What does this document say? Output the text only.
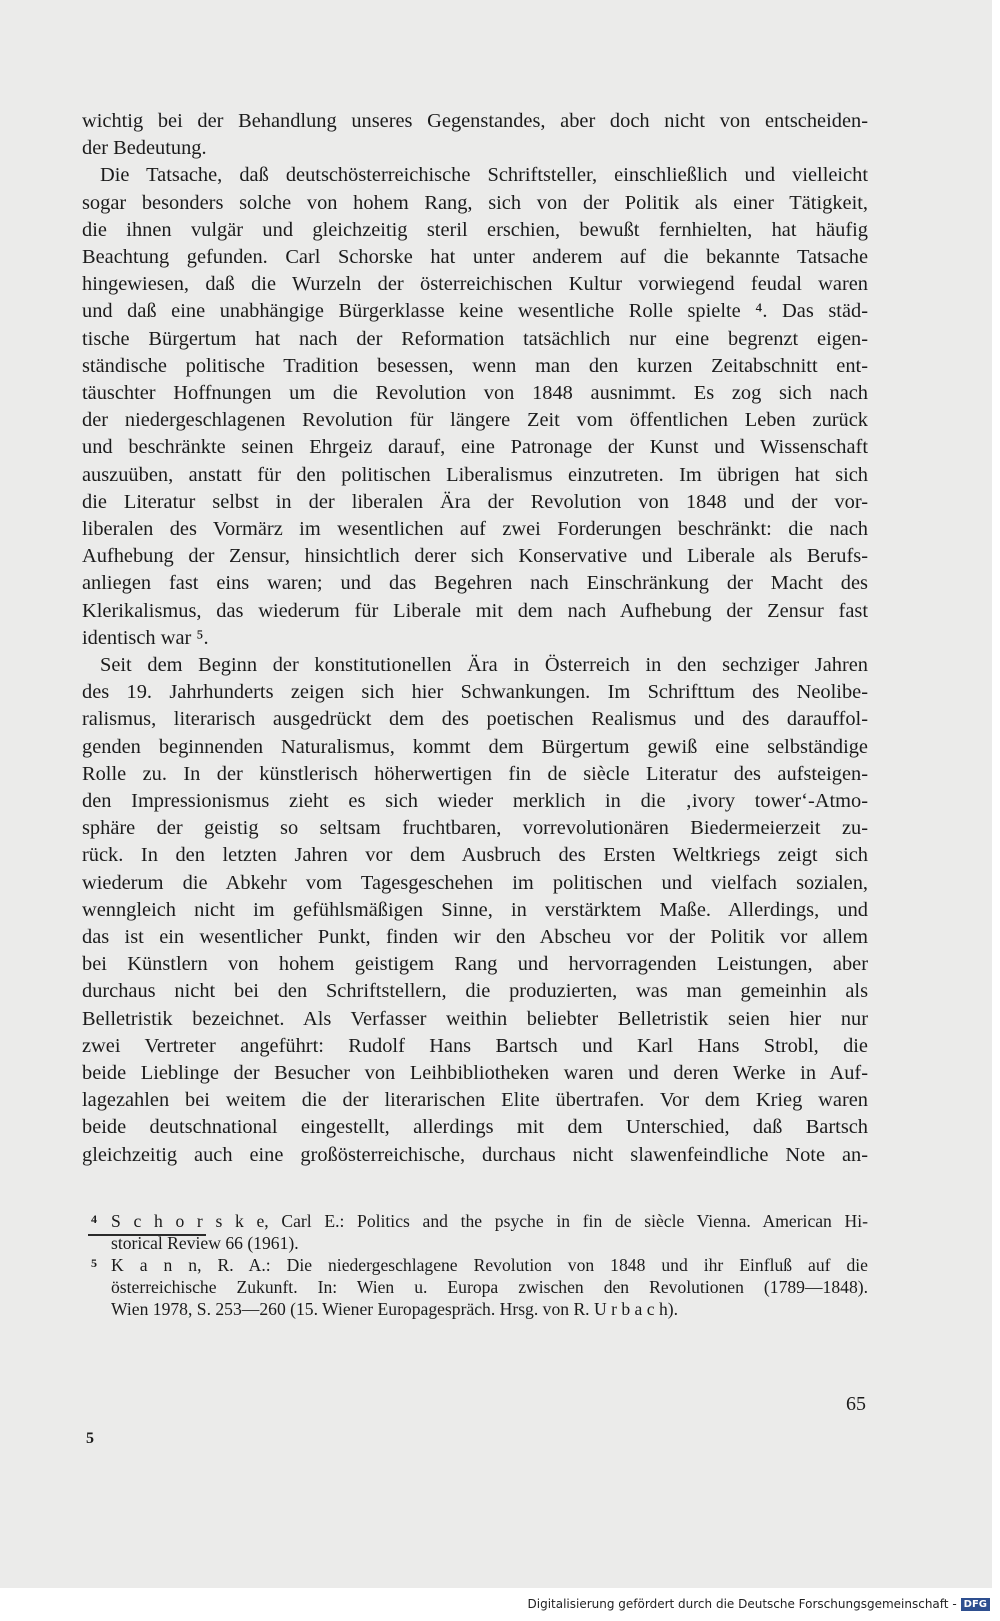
wichtig bei der Behandlung unseres Gegenstandes, aber doch nicht von entscheiden-
der Bedeutung.
Die Tatsache, daß deutschösterreichische Schriftsteller, einschließlich und vielleicht
sogar besonders solche von hohem Rang, sich von der Politik als einer Tätigkeit,
die ihnen vulgär und gleichzeitig steril erschien, bewußt fernhielten, hat häufig
Beachtung gefunden. Carl Schorske hat unter anderem auf die bekannte Tatsache
hingewiesen, daß die Wurzeln der österreichischen Kultur vorwiegend feudal waren
und daß eine unabhängige Bürgerklasse keine wesentliche Rolle spielte ⁴. Das städ-
tische Bürgertum hat nach der Reformation tatsächlich nur eine begrenzt eigen-
ständische politische Tradition besessen, wenn man den kurzen Zeitabschnitt ent-
täuschter Hoffnungen um die Revolution von 1848 ausnimmt. Es zog sich nach
der niedergeschlagenen Revolution für längere Zeit vom öffentlichen Leben zurück
und beschränkte seinen Ehrgeiz darauf, eine Patronage der Kunst und Wissenschaft
auszuüben, anstatt für den politischen Liberalismus einzutreten. Im übrigen hat sich
die Literatur selbst in der liberalen Ära der Revolution von 1848 und der vor-
liberalen des Vormärz im wesentlichen auf zwei Forderungen beschränkt: die nach
Aufhebung der Zensur, hinsichtlich derer sich Konservative und Liberale als Berufs-
anliegen fast eins waren; und das Begehren nach Einschränkung der Macht des
Klerikalismus, das wiederum für Liberale mit dem nach Aufhebung der Zensur fast
identisch war ⁵.
Seit dem Beginn der konstitutionellen Ära in Österreich in den sechziger Jahren
des 19. Jahrhunderts zeigen sich hier Schwankungen. Im Schrifttum des Neolibe-
ralismus, literarisch ausgedrückt dem des poetischen Realismus und des darauffol-
genden beginnenden Naturalismus, kommt dem Bürgertum gewiß eine selbständige
Rolle zu. In der künstlerisch höherwertigen fin de siècle Literatur des aufsteigen-
den Impressionismus zieht es sich wieder merklich in die ‚ivory tower‘-Atmo-
sphäre der geistig so seltsam fruchtbaren, vorrevolutionären Biedermeierzeit zu-
rück. In den letzten Jahren vor dem Ausbruch des Ersten Weltkriegs zeigt sich
wiederum die Abkehr vom Tagesgeschehen im politischen und vielfach sozialen,
wenngleich nicht im gefühlsmäßigen Sinne, in verstärktem Maße. Allerdings, und
das ist ein wesentlicher Punkt, finden wir den Abscheu vor der Politik vor allem
bei Künstlern von hohem geistigem Rang und hervorragenden Leistungen, aber
durchaus nicht bei den Schriftstellern, die produzierten, was man gemeinhin als
Belletristik bezeichnet. Als Verfasser weithin beliebter Belletristik seien hier nur
zwei Vertreter angeführt: Rudolf Hans Bartsch und Karl Hans Strobl, die
beide Lieblinge der Besucher von Leihbibliotheken waren und deren Werke in Auf-
lagezahlen bei weitem die der literarischen Elite übertrafen. Vor dem Krieg waren
beide deutschnational eingestellt, allerdings mit dem Unterschied, daß Bartsch
gleichzeitig auch eine großösterreichische, durchaus nicht slawenfeindliche Note an-
4 S c h o r s k e, Carl E.: Politics and the psyche in fin de siècle Vienna. American Hi-
storical Review 66 (1961).
5 K a n n, R. A.: Die niedergeschlagene Revolution von 1848 und ihr Einfluß auf die
österreichische Zukunft. In: Wien u. Europa zwischen den Revolutionen (1789—1848).
Wien 1978, S. 253—260 (15. Wiener Europagespräch. Hrsg. von R. U r b a c h).
65
5
Digitalisierung gefördert durch die Deutsche Forschungsgemeinschaft - DFG
